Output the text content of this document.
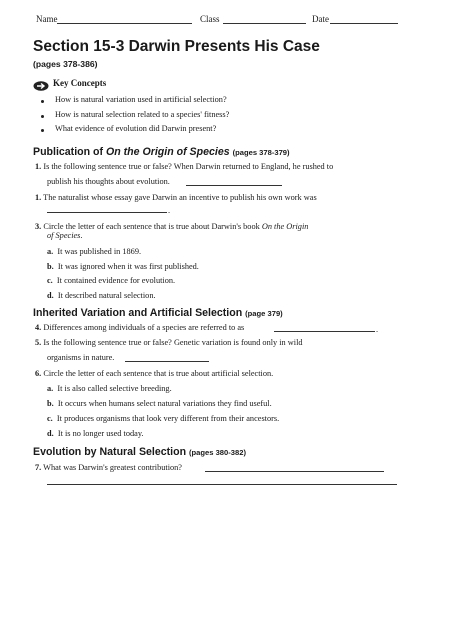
Name	Class	Date
Section 15-3 Darwin Presents His Case
(pages 378-386)
Key Concepts
How is natural variation used in artificial selection?
How is natural selection related to a species' fitness?
What evidence of evolution did Darwin present?
Publication of On the Origin of Species (pages 378-379)
1. Is the following sentence true or false? When Darwin returned to England, he rushed to
publish his thoughts about evolution.
1. The naturalist whose essay gave Darwin an incentive to publish his own work was
.
3. Circle the letter of each sentence that is true about Darwin's book On the Origin
of Species.
a. It was published in 1869.
b. It was ignored when it was first published.
c. It contained evidence for evolution.
d. It described natural selection.
Inherited Variation and Artificial Selection (page 379)
4. Differences among individuals of a species are referred to as	.
5. Is the following sentence true or false? Genetic variation is found only in wild
organisms in nature.
6. Circle the letter of each sentence that is true about artificial selection.
a. It is also called selective breeding.
b. It occurs when humans select natural variations they find useful.
c. It produces organisms that look very different from their ancestors.
d. It is no longer used today.
Evolution by Natural Selection (pages 380-382)
7. What was Darwin's greatest contribution?
